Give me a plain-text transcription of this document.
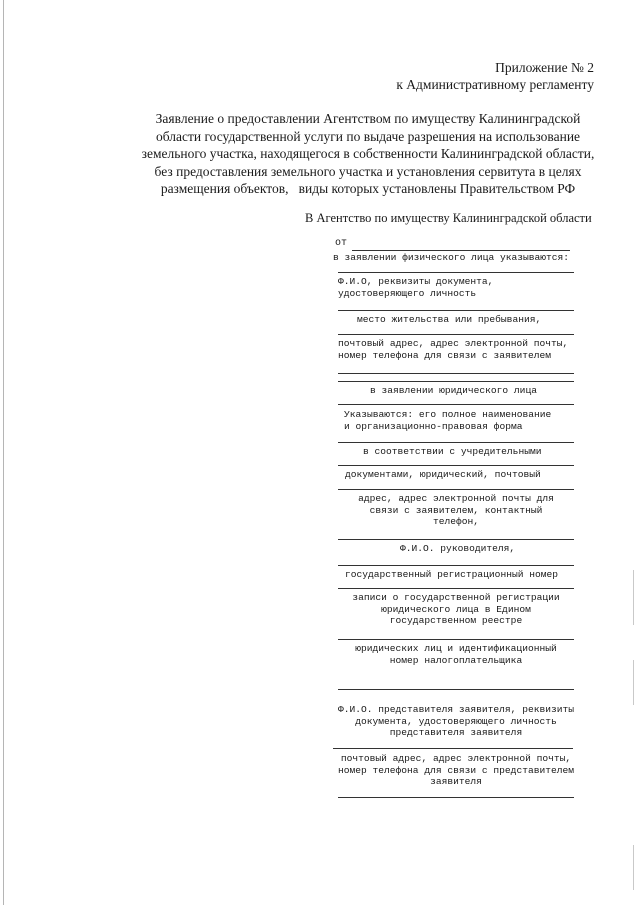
Приложение № 2
к Административному регламенту
Заявление о предоставлении Агентством по имуществу Калининградской
области государственной услуги по выдаче разрешения на использование
земельного участка, находящегося в собственности Калининградской области,
без предоставления земельного участка и установления сервитута в целях
размещения объектов,   виды которых установлены Правительством РФ
В Агентство по имуществу Калининградской области
от
в заявлении физического лица указываются:
Ф.И.О, реквизиты документа,
удостоверяющего личность
место жительства или пребывания,
почтовый адрес, адрес электронной почты,
номер телефона для связи с заявителем
в заявлении юридического лица
Указываются: его полное наименование
и организационно-правовая форма
в соответствии с учредительными
документами, юридический, почтовый
адрес, адрес электронной почты для
связи с заявителем, контактный
телефон,
Ф.И.О. руководителя,
государственный регистрационный номер
записи о государственной регистрации
юридического лица в Едином
государственном реестре
юридических лиц и идентификационный
номер налогоплательщика
Ф.И.О. представителя заявителя, реквизиты
документа, удостоверяющего личность
представителя заявителя
почтовый адрес, адрес электронной почты,
номер телефона для связи с представителем
заявителя
